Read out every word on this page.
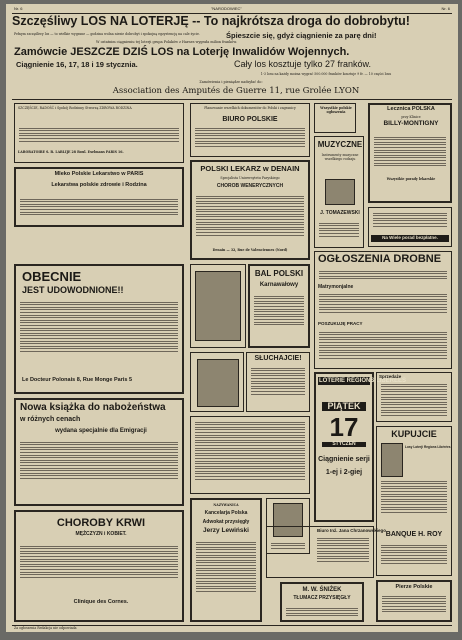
Nr. 6	"NARODOWIEC"	Nr. 6
Szczęśliwy LOS NA LOTERJĘ -- To najkrótsza droga do dobrobytu!
Pełnym szczęśliwy los — to wielkie wygrane — godzina wolna niesie dobrobyt i spokojną egzystencję na cale życie.	Śpieszcie się, gdyż ciągnienie za parę dni!
W ostatnim ciągnieniu tej loterji grupa Polaków z Harnes wygrała milion franków.
Zamówcie JESZCZE DZIŚ LOS na Loterję Inwalidów Wojennych.
Ciągnienie 16, 17, 18 i 19 stycznia.	Cały los kosztuje tylko 27 franków.
1-3 losu na każdy można wygrać 500.000 franków kosztuje 9 fr. — 10 części losu
Zamówienia i pieniądze nadsyłać do:
Association des Amputés de Guerre 11, rue Grolée LYON
SZCZĘŚCIE, RADOŚĆ i Spokój Rodzinny Stworzą ZDROWA RODZINA
LABORATOIRE S. B. LABLIJE 28 Boul. Exelmans PARIS 16.
Planowanie wszelkich dokumentów do Polski i zagranicy
BIURO POLSKIE
Wszystkie polskie ogłoszenia
MUZYCZNE
Instrumenty muzyczne wszelkiego rodzaju
J. TOMAZEWSKI
Lecznica POLSKA
przy Klinice
BILLY-MONTIGNY
Wszystkie porady lekarskie
Mleko Polskie Lekarstwo w PARIS
Lekarstwa polskie zdrowie i Rodzina
POLSKI LEKARZ w DENAIN
Specjalista Uniwersytetu Paryskiego
CHOROB WENERYCZNYCH
Denain — 32, Rue de Valenciennes (Nord)
Na Wiele porad bezpłatne.
OBECNIE
JEST UDOWODNIONE!!
Le Docteur Polonais 8, Rue Monge Paris 5
BAL POLSKI
Karnawałowy
OGŁOSZENIA DROBNE
Matrymonjalne
POSZUKUJĘ PRACY
SŁUCHAJCIE!
LOTERIE RÉGIONS LIBÉRÉES
PIĄTEK
17
STYCZEŃ
Ciągnienie serji
1-ej i 2-giej
Sprzedaże
Nowa książka do nabożeństwa
w różnych cenach
wydana specjalnie dla Emigracji
CHOROBY KRWI
MĘŻCZYZN i KOBIET.
Clinique des Cornes.
NAZYWANICA
Kancelarja Polska
Adwokat przysięgły
Jerzy Lewiński
M. W. ŚNIŻEK
TŁUMACZ PRZYSIĘGŁY
Biuro Inż. Jana Chrzanowskiego
KUPUJCIE
Losy Loterji Regions Libérées
BANQUE H. ROY
Pierze Polskie
Za ogłoszenia Redakcja nie odpowiada
